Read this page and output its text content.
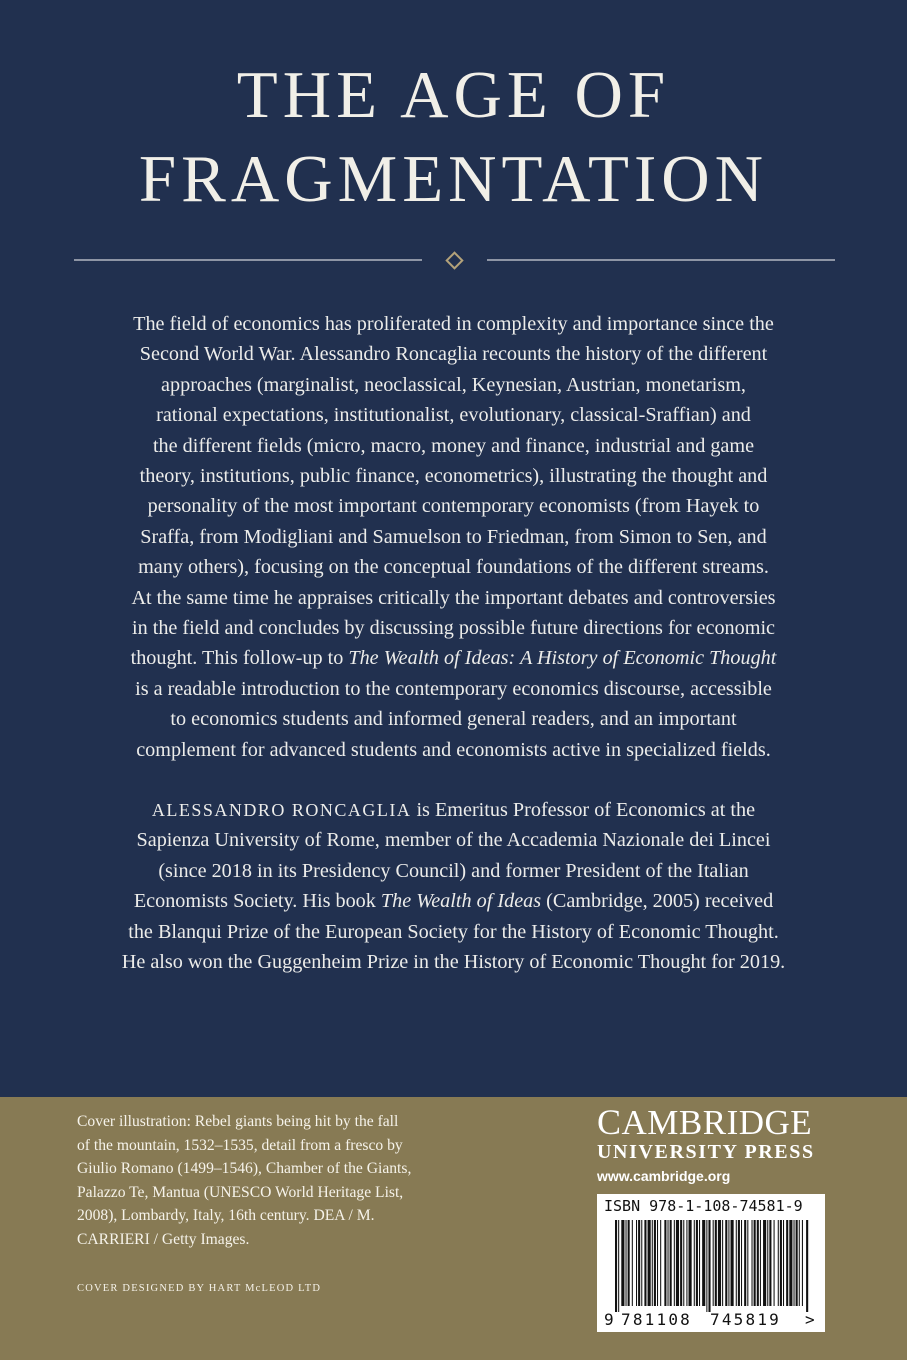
THE AGE OF
FRAGMENTATION
The field of economics has proliferated in complexity and importance since the
Second World War. Alessandro Roncaglia recounts the history of the different
approaches (marginalist, neoclassical, Keynesian, Austrian, monetarism,
rational expectations, institutionalist, evolutionary, classical-Sraffian) and
the different fields (micro, macro, money and finance, industrial and game
theory, institutions, public finance, econometrics), illustrating the thought and
personality of the most important contemporary economists (from Hayek to
Sraffa, from Modigliani and Samuelson to Friedman, from Simon to Sen, and
many others), focusing on the conceptual foundations of the different streams.
At the same time he appraises critically the important debates and controversies
in the field and concludes by discussing possible future directions for economic
thought. This follow-up to The Wealth of Ideas: A History of Economic Thought
is a readable introduction to the contemporary economics discourse, accessible
to economics students and informed general readers, and an important
complement for advanced students and economists active in specialized fields.
ALESSANDRO RONCAGLIA is Emeritus Professor of Economics at the
Sapienza University of Rome, member of the Accademia Nazionale dei Lincei
(since 2018 in its Presidency Council) and former President of the Italian
Economists Society. His book The Wealth of Ideas (Cambridge, 2005) received
the Blanqui Prize of the European Society for the History of Economic Thought.
He also won the Guggenheim Prize in the History of Economic Thought for 2019.
Cover illustration: Rebel giants being hit by the fall
of the mountain, 1532–1535, detail from a fresco by
Giulio Romano (1499–1546), Chamber of the Giants,
Palazzo Te, Mantua (UNESCO World Heritage List,
2008), Lombardy, Italy, 16th century. DEA / M.
CARRIERI / Getty Images.
COVER DESIGNED BY HART McLEOD LTD
CAMBRIDGE
UNIVERSITY PRESS
www.cambridge.org
ISBN 978-1-108-74581-9
9 781108 745819 >
